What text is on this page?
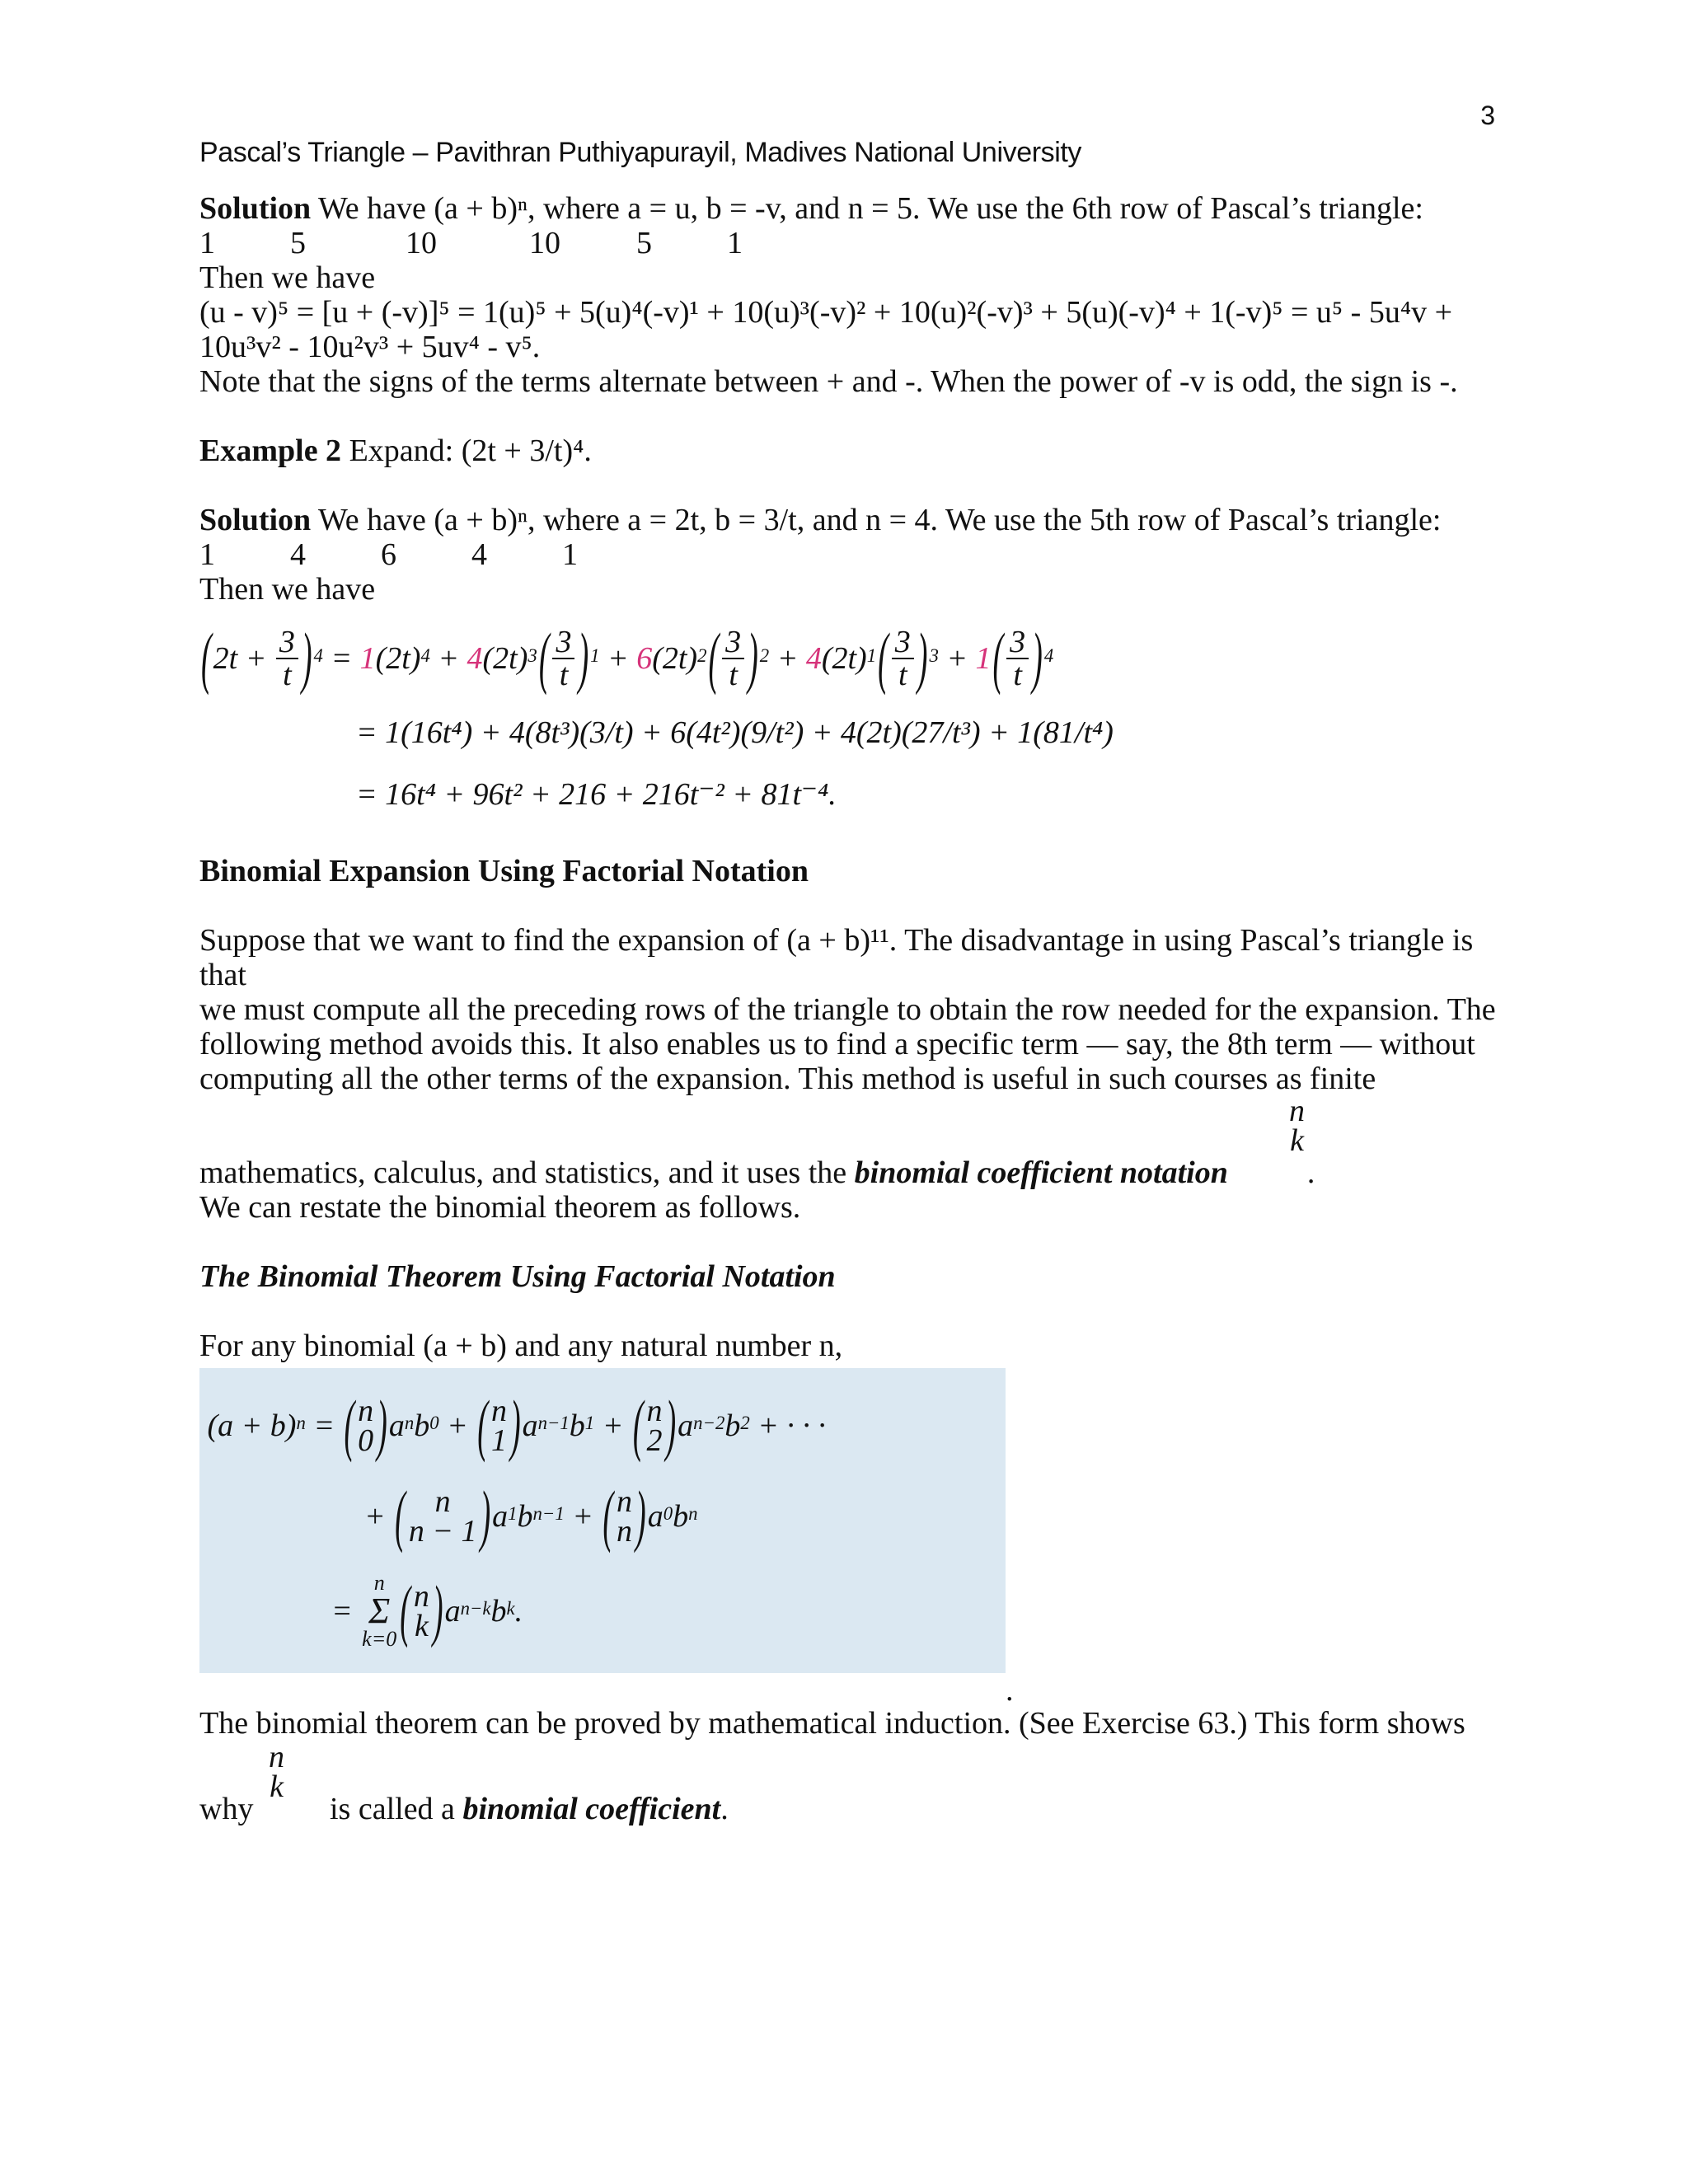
3
Pascal’s Triangle – Pavithran Puthiyapurayil, Madives National University

Solution We have (a + b)ⁿ, where a = u, b = -v, and n = 5. We use the 6th row of Pascal’s triangle:

1	5	10	10	5	1

Then we have

(u - v)⁵ = [u + (-v)]⁵ = 1(u)⁵ + 5(u)⁴(-v)¹ + 10(u)³(-v)² + 10(u)²(-v)³ + 5(u)(-v)⁴ + 1(-v)⁵ = u⁵ - 5u⁴v +

10u³v² - 10u²v³ + 5uv⁴ - v⁵.

Note that the signs of the terms alternate between + and -. When the power of -v is odd, the sign is -.

Example 2 Expand: (2t + 3/t)⁴.

Solution We have (a + b)ⁿ, where a = 2t, b = 3/t, and n = 4. We use the 5th row of Pascal’s triangle:

1	4	6	4	1

Then we have

( 2 $t + \frac{3}{t} )^4 = 1$ $(2t)^4 + 4$ $(2t)^3$ ( $\frac{3}{t} )^1 + 6$ $(2t)^2$ ( $\frac{3}{t} )^2 + 4$ $(2t)^1$ ( $\frac{3}{t} )^3 + 1$ ( $\frac{3}{t} )^4$
= 1(16t⁴) + 4(8t³)(3/t) + 6(4t²)(9/t²) + 4(2t)(27/t³) + 1(81/t⁴)
= 16t⁴ + 96t² + 216 + 216t⁻² + 81t⁻⁴.

Binomial Expansion Using Factorial Notation

Suppose that we want to find the expansion of (a + b)¹¹. The disadvantage in using Pascal’s triangle is that

we must compute all the preceding rows of the triangle to obtain the row needed for the expansion. The

following method avoids this. It also enables us to find a specific term — say, the 8th term — without

computing all the other terms of the expansion. This method is useful in such courses as finite

n
k

mathematics, calculus, and statistics, and it uses the binomial coefficient notation	.

We can restate the binomial theorem as follows.

The Binomial Theorem Using Factorial Notation

For any binomial (a + b) and any natural number n,

$(a + b)^n$ = ( n
0 ) $a^n$ $b^0$ + ( n
1 ) $a^{n-1}$ $b^1$ + ( n
2 ) $a^{n-2}$ $b^2$ + · · ·
+ ( n
n − 1 ) $a^1$ $b^{n-1}$ + ( n
n ) $a^0$ $b^n$
=
n
Σ
k=0 ( n
k ) $a^{n-k}$ $b^k$ .
.

The binomial theorem can be proved by mathematical induction. (See Exercise 63.) This form shows

why
n
k
is called a binomial coefficient.
